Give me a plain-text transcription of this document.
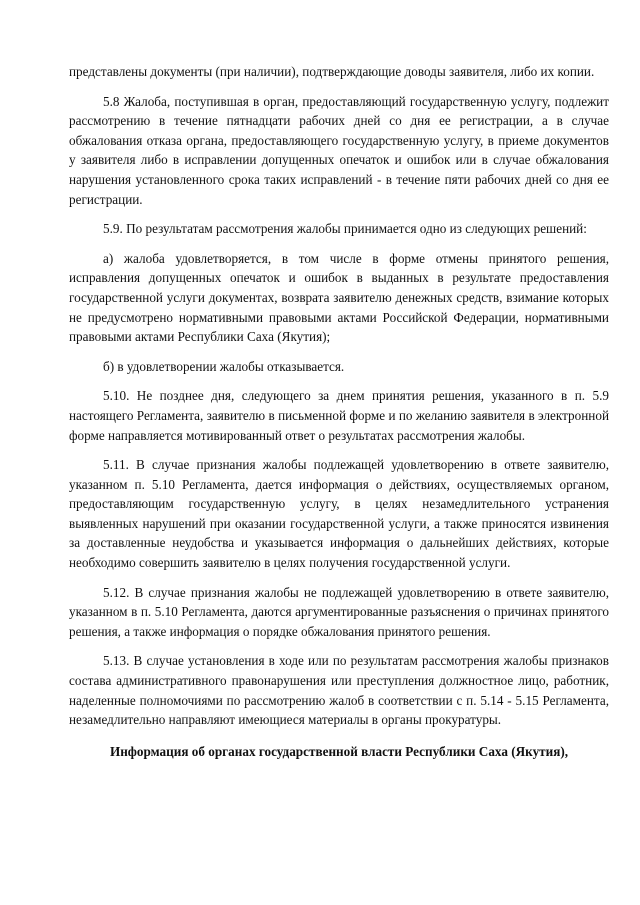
представлены документы (при наличии), подтверждающие доводы заявителя, либо их копии.

5.8 Жалоба, поступившая в орган, предоставляющий государственную услугу, подлежит рассмотрению в течение пятнадцати рабочих дней со дня ее регистрации, а в случае обжалования отказа органа, предоставляющего государственную услугу, в приеме документов у заявителя либо в исправлении допущенных опечаток и ошибок или в случае обжалования нарушения установленного срока таких исправлений - в течение пяти рабочих дней со дня ее регистрации.

5.9. По результатам рассмотрения жалобы принимается одно из следующих решений:

а) жалоба удовлетворяется, в том числе в форме отмены принятого решения, исправления допущенных опечаток и ошибок в выданных в результате предоставления государственной услуги документах, возврата заявителю денежных средств, взимание которых не предусмотрено нормативными правовыми актами Российской Федерации, нормативными правовыми актами Республики Саха (Якутия);

б) в удовлетворении жалобы отказывается.

5.10. Не позднее дня, следующего за днем принятия решения, указанного в п. 5.9 настоящего Регламента, заявителю в письменной форме и по желанию заявителя в электронной форме направляется мотивированный ответ о результатах рассмотрения жалобы.

5.11. В случае признания жалобы подлежащей удовлетворению в ответе заявителю, указанном п. 5.10 Регламента, дается информация о действиях, осуществляемых органом, предоставляющим государственную услугу, в целях незамедлительного устранения выявленных нарушений при оказании государственной услуги, а также приносятся извинения за доставленные неудобства и указывается информация о дальнейших действиях, которые необходимо совершить заявителю в целях получения государственной услуги.

5.12. В случае признания жалобы не подлежащей удовлетворению в ответе заявителю, указанном в п. 5.10 Регламента, даются аргументированные разъяснения о причинах принятого решения, а также информация о порядке обжалования принятого решения.

5.13. В случае установления в ходе или по результатам рассмотрения жалобы признаков состава административного правонарушения или преступления должностное лицо, работник, наделенные полномочиями по рассмотрению жалоб в соответствии с п. 5.14 - 5.15 Регламента, незамедлительно направляют имеющиеся материалы в органы прокуратуры.

Информация об органах государственной власти Республики Саха (Якутия),
